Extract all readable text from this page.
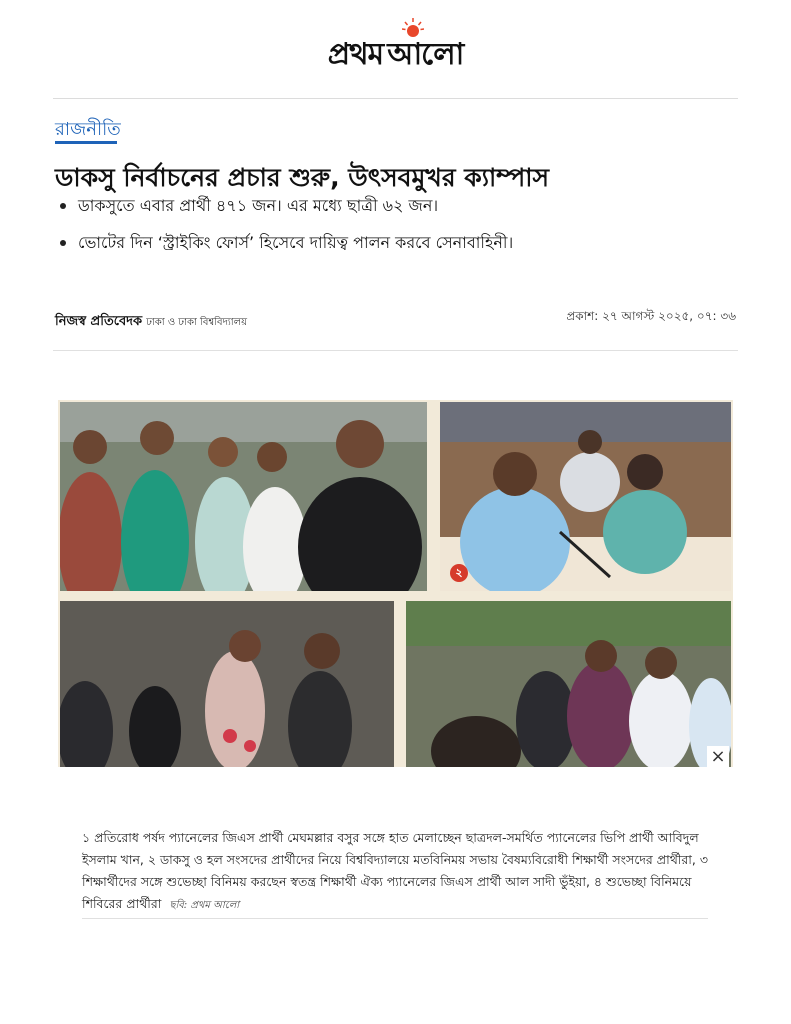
প্রথম আলো
রাজনীতি
ডাকসু নির্বাচনের প্রচার শুরু, উৎসবমুখর ক্যাম্পাস
ডাকসুতে এবার প্রার্থী ৪৭১ জন। এর মধ্যে ছাত্রী ৬২ জন।
ভোটের দিন ‘স্ট্রাইকিং ফোর্স’ হিসেবে দায়িত্ব পালন করবে সেনাবাহিনী।
নিজস্ব প্রতিবেদক ঢাকা ও ঢাকা বিশ্ববিদ্যালয়	প্রকাশ: ২৭ আগস্ট ২০২৫, ০৭: ৩৬
২
×
১ প্রতিরোধ পর্ষদ প্যানেলের জিএস প্রার্থী মেঘমল্লার বসুর সঙ্গে হাত মেলাচ্ছেন ছাত্রদল-সমর্থিত প্যানেলের ভিপি প্রার্থী আবিদুল ইসলাম খান, ২ ডাকসু ও হল সংসদের প্রার্থীদের নিয়ে বিশ্ববিদ্যালয়ে মতবিনিময় সভায় বৈষম্যবিরোধী শিক্ষার্থী সংসদের প্রার্থীরা, ৩ শিক্ষার্থীদের সঙ্গে শুভেচ্ছা বিনিময় করছেন স্বতন্ত্র শিক্ষার্থী ঐক্য প্যানেলের জিএস প্রার্থী আল সাদী ভুঁইয়া, ৪ শুভেচ্ছা বিনিময়ে শিবিরের প্রার্থীরা ছবি: প্রথম আলো
